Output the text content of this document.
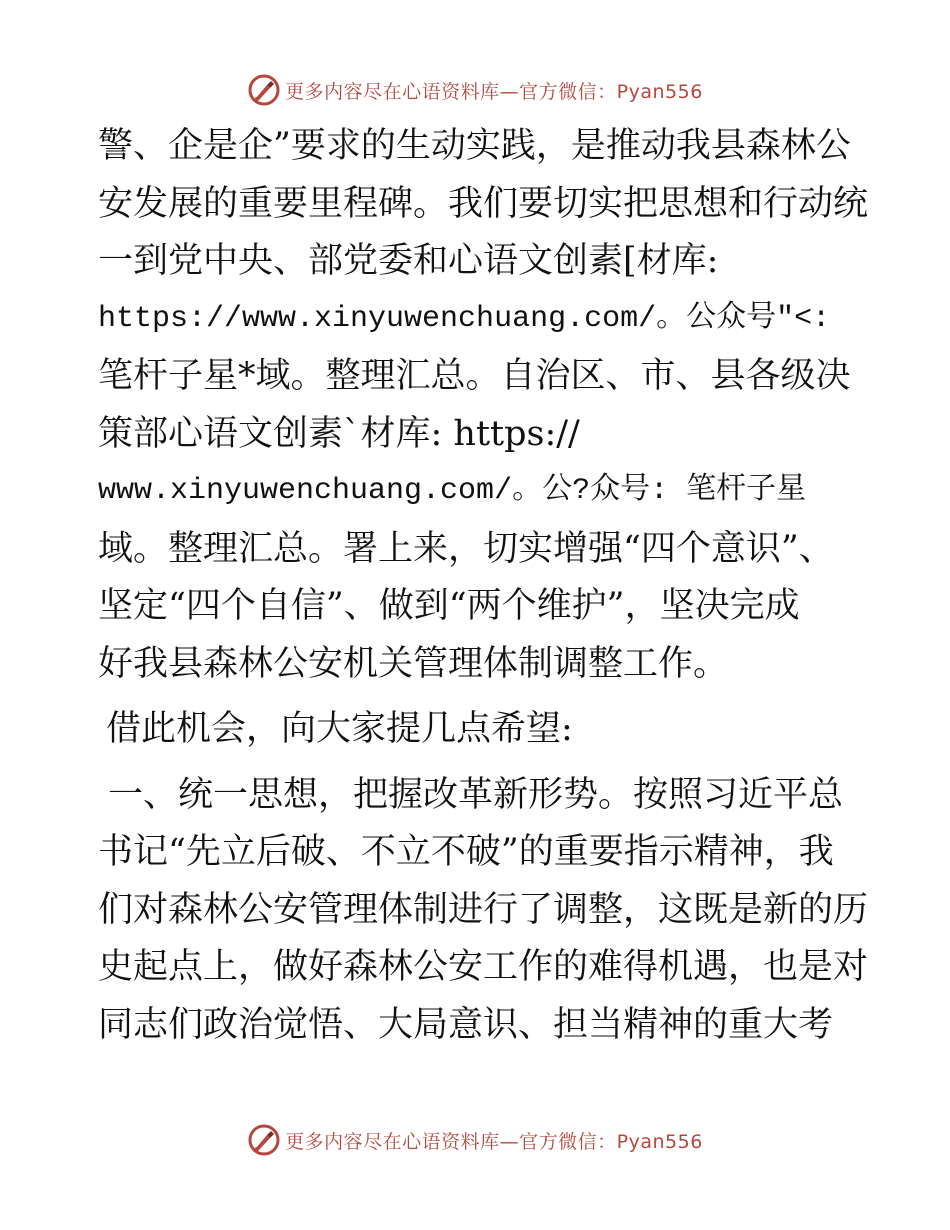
更多内容尽在心语资料库—官方微信：Pyan556
警、企是企”要求的生动实践，是推动我县森林公
安发展的重要里程碑。我们要切实把思想和行动统
一到党中央、部党委和心语文创素[材库:
https://www.xinyuwenchuang.com/。公众号"<:
笔杆子星*域。整理汇总。自治区、市、县各级决
策部心语文创素`材库: https://
www.xinyuwenchuang.com/。公?众号: 笔杆子星
域。整理汇总。署上来，切实增强“四个意识”、
坚定“四个自信”、做到“两个维护”，坚决完成
好我县森林公安机关管理体制调整工作。
借此机会，向大家提几点希望:
一、统一思想，把握改革新形势。按照习近平总
书记“先立后破、不立不破”的重要指示精神，我
们对森林公安管理体制进行了调整，这既是新的历
史起点上，做好森林公安工作的难得机遇，也是对
同志们政治觉悟、大局意识、担当精神的重大考
更多内容尽在心语资料库—官方微信：Pyan556
